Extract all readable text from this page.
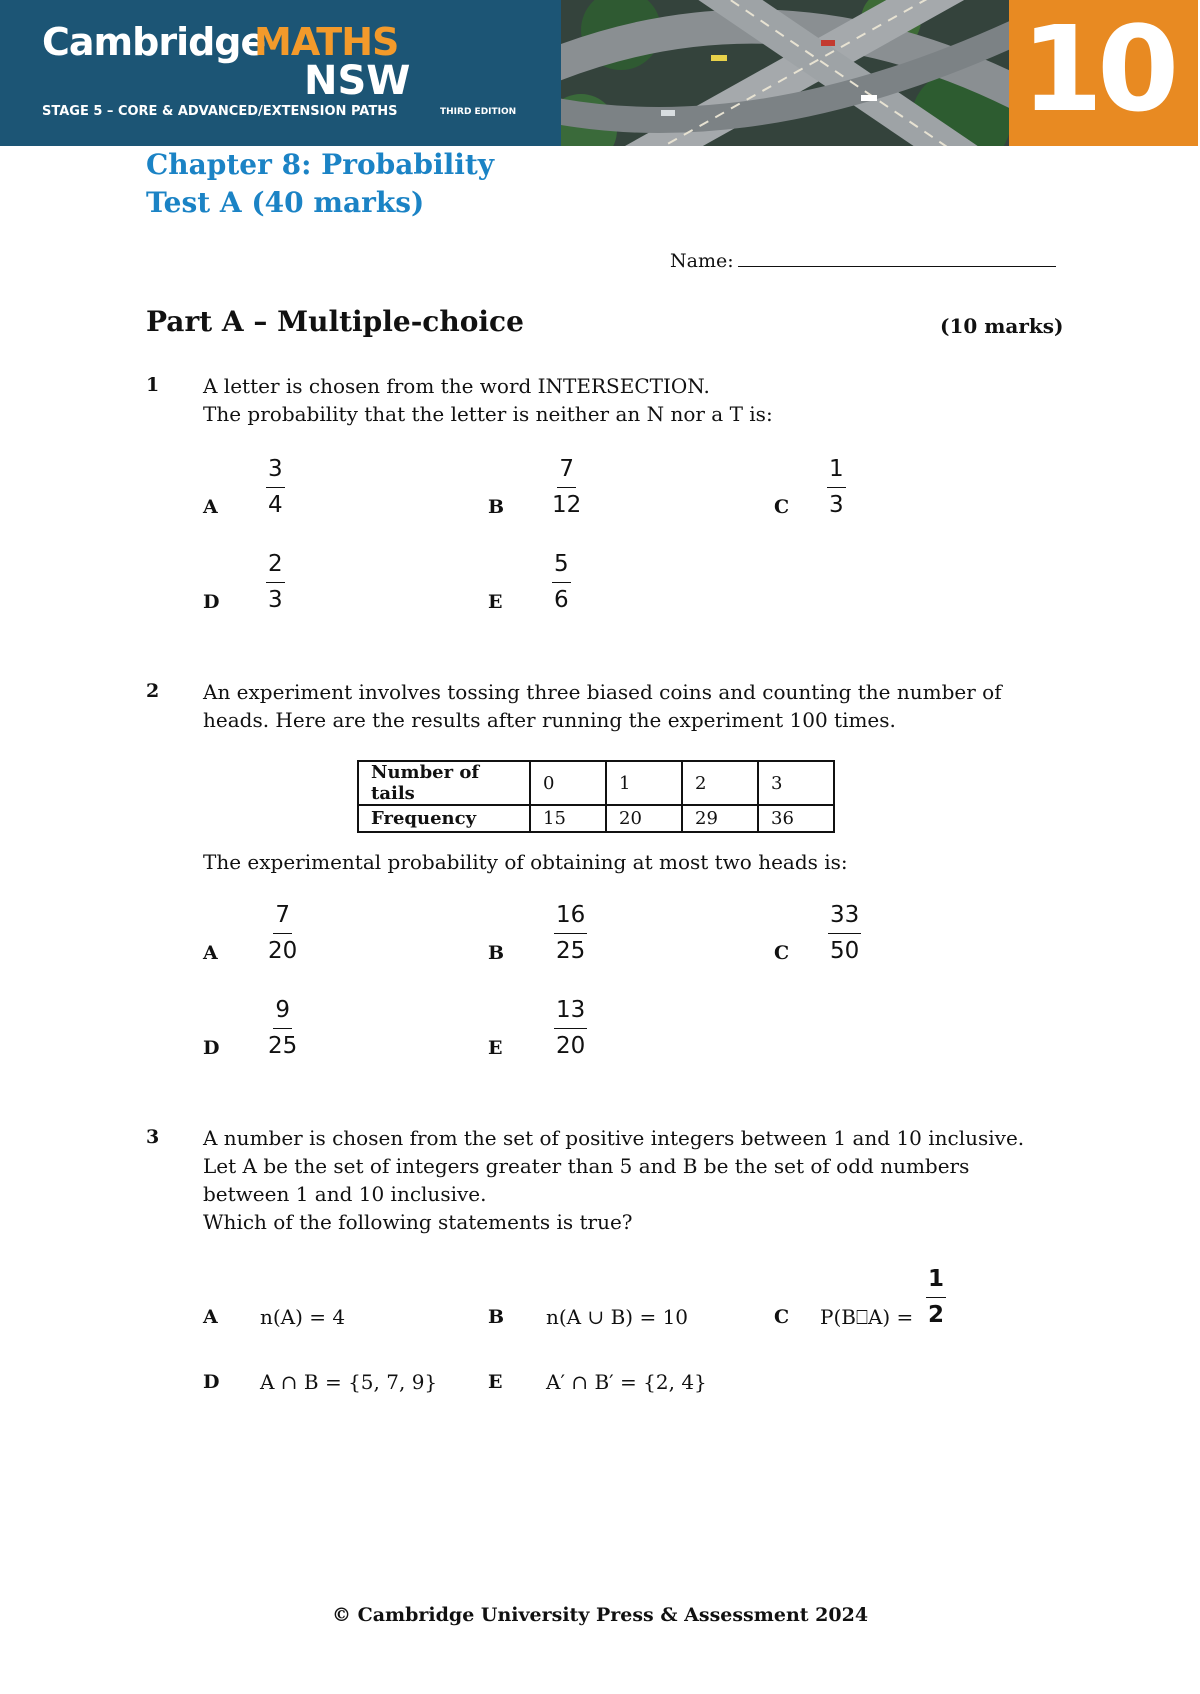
Cambridge
MATHS
NSW
STAGE 5 – CORE & ADVANCED/EXTENSION PATHS	THIRD EDITION	10
Chapter 8: Probability
Test A (40 marks)
Name:
Part A – Multiple-choice	(10 marks)
1 A letter is chosen from the word INTERSECTION.
The probability that the letter is neither an N nor a T is:
A $\frac{3}{4}$	B $\frac{7}{12}$	C $\frac{1}{3}$
D $\frac{2}{3}$	E $\frac{5}{6}$
2 An experiment involves tossing three biased coins and counting the number of
heads. Here are the results after running the experiment 100 times.
Number of tails	0	1	2	3
Frequency	15	20	29	36
The experimental probability of obtaining at most two heads is:
A $\frac{7}{20}$	B $\frac{16}{25}$	C $\frac{33}{50}$
D $\frac{9}{25}$	E $\frac{13}{20}$
3 A number is chosen from the set of positive integers between 1 and 10 inclusive.
Let A be the set of integers greater than 5 and B be the set of odd numbers
between 1 and 10 inclusive.
Which of the following statements is true?
A n(A) = 4	B n(A ∪ B) = 10	C P(B⎕A) = $\frac{1}{2}$
D A ∩ B = {5, 7, 9}	E A′ ∩ B′ = {2, 4}
© Cambridge University Press & Assessment 2024
